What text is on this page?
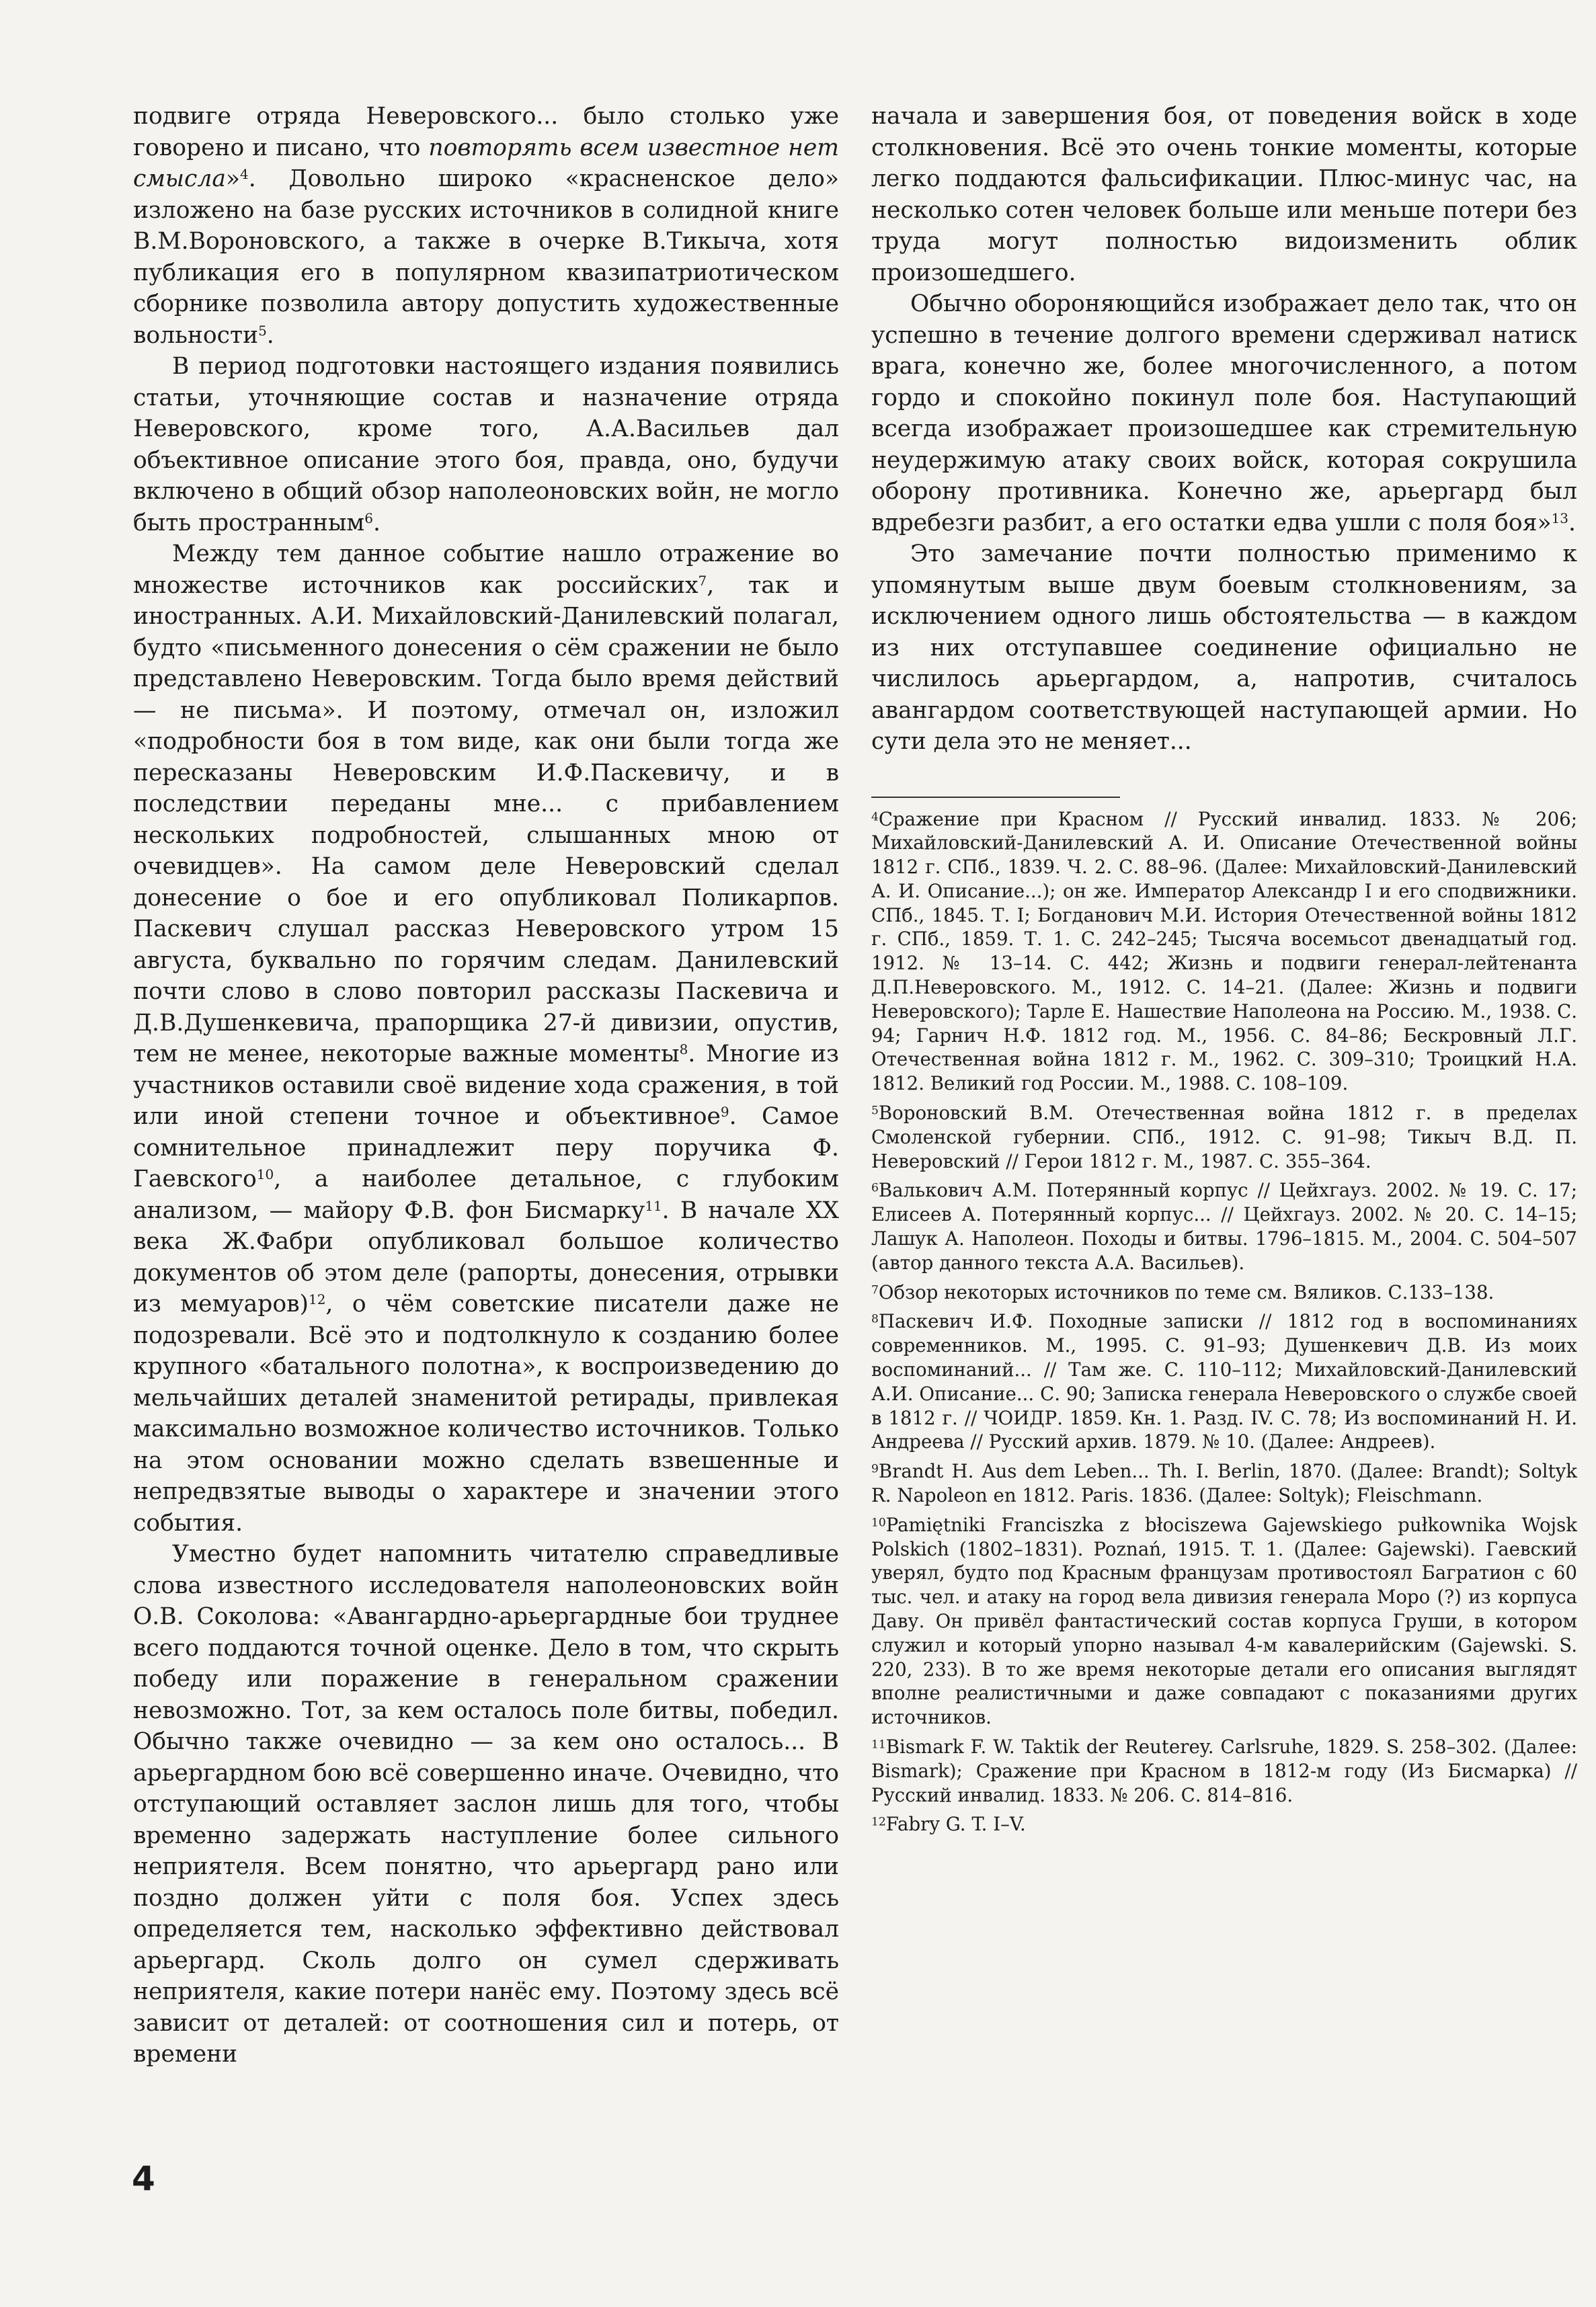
подвиге отряда Неверовского... было столько уже говорено и писано, что повторять всем известное нет смысла»$^4$. Довольно широко «красненское дело» изложено на базе русских источников в солидной книге В.М.Вороновского, а также в очерке В.Тикыча, хотя публикация его в популярном квазипатриотическом сборнике позволила автору допустить художественные вольности$^5$.

В период подготовки настоящего издания появились статьи, уточняющие состав и назначение отряда Неверовского, кроме того, А.А.Васильев дал объективное описание этого боя, правда, оно, будучи включено в общий обзор наполеоновских войн, не могло быть пространным$^6$.

Между тем данное событие нашло отражение во множестве источников как российских$^7$, так и иностранных. А.И. Михайловский-Данилевский полагал, будто «письменного донесения о сём сражении не было представлено Неверовским. Тогда было время действий — не письма». И поэтому, отмечал он, изложил «подробности боя в том виде, как они были тогда же пересказаны Неверовским И.Ф.Паскевичу, и в последствии переданы мне... с прибавлением нескольких подробностей, слышанных мною от очевидцев». На самом деле Неверовский сделал донесение о бое и его опубликовал Поликарпов. Паскевич слушал рассказ Неверовского утром 15 августа, буквально по горячим следам. Данилевский почти слово в слово повторил рассказы Паскевича и Д.В.Душенкевича, прапорщика 27-й дивизии, опустив, тем не менее, некоторые важные моменты$^8$. Многие из участников оставили своё видение хода сражения, в той или иной степени точное и объективное$^9$. Самое сомнительное принадлежит перу поручика Ф. Гаевского$^{10}$, а наиболее детальное, с глубоким анализом, — майору Ф.В. фон Бисмарку$^{11}$. В начале XX века Ж.Фабри опубликовал большое количество документов об этом деле (рапорты, донесения, отрывки из мемуаров)$^{12}$, о чём советские писатели даже не подозревали. Всё это и подтолкнуло к созданию более крупного «батального полотна», к воспроизведению до мельчайших деталей знаменитой ретирады, привлекая максимально возможное количество источников. Только на этом основании можно сделать взвешенные и непредвзятые выводы о характере и значении этого события.

Уместно будет напомнить читателю справедливые слова известного исследователя наполеоновских войн О.В. Соколова: «Авангардно-арьергардные бои труднее всего поддаются точной оценке. Дело в том, что скрыть победу или поражение в генеральном сражении невозможно. Тот, за кем осталось поле битвы, победил. Обычно также очевидно — за кем оно осталось... В арьергардном бою всё совершенно иначе. Очевидно, что отступающий оставляет заслон лишь для того, чтобы временно задержать наступление более сильного неприятеля. Всем понятно, что арьергард рано или поздно должен уйти с поля боя. Успех здесь определяется тем, насколько эффективно действовал арьергард. Сколь долго он сумел сдерживать неприятеля, какие потери нанёс ему. Поэтому здесь всё зависит от деталей: от соотношения сил и потерь, от времени

начала и завершения боя, от поведения войск в ходе столкновения. Всё это очень тонкие моменты, которые легко поддаются фальсификации. Плюс-минус час, на несколько сотен человек больше или меньше потери без труда могут полностью видоизменить облик произошедшего.

Обычно обороняющийся изображает дело так, что он успешно в течение долгого времени сдерживал натиск врага, конечно же, более многочисленного, а потом гордо и спокойно покинул поле боя. Наступающий всегда изображает произошедшее как стремительную неудержимую атаку своих войск, которая сокрушила оборону противника. Конечно же, арьергард был вдребезги разбит, а его остатки едва ушли с поля боя»$^{13}$.

Это замечание почти полностью применимо к упомянутым выше двум боевым столкновениям, за исключением одного лишь обстоятельства — в каждом из них отступавшее соединение официально не числилось арьергардом, а, напротив, считалось авангардом соответствующей наступающей армии. Но сути дела это не меняет...

$^4$Сражение при Красном // Русский инвалид. 1833. № 206; Михайловский-Данилевский А. И. Описание Отечественной войны 1812 г. СПб., 1839. Ч. 2. С. 88–96. (Далее: Михайловский-Данилевский А. И. Описание...); он же. Император Александр I и его сподвижники. СПб., 1845. Т. I; Богданович М.И. История Отечественной войны 1812 г. СПб., 1859. Т. 1. С. 242–245; Тысяча восемьсот двенадцатый год. 1912. № 13–14. С. 442; Жизнь и подвиги генерал-лейтенанта Д.П.Неверовского. М., 1912. С. 14–21. (Далее: Жизнь и подвиги Неверовского); Тарле Е. Нашествие Наполеона на Россию. М., 1938. С. 94; Гарнич Н.Ф. 1812 год. М., 1956. С. 84–86; Бескровный Л.Г. Отечественная война 1812 г. М., 1962. С. 309–310; Троицкий Н.А. 1812. Великий год России. М., 1988. С. 108–109.

$^5$Вороновский В.М. Отечественная война 1812 г. в пределах Смоленской губернии. СПб., 1912. С. 91–98; Тикыч В.Д. П. Неверовский // Герои 1812 г. М., 1987. С. 355–364.

$^6$Валькович А.М. Потерянный корпус // Цейхгауз. 2002. № 19. С. 17; Елисеев А. Потерянный корпус... // Цейхгауз. 2002. № 20. С. 14–15; Лашук А. Наполеон. Походы и битвы. 1796–1815. М., 2004. С. 504–507 (автор данного текста А.А. Васильев).

$^7$Обзор некоторых источников по теме см. Вяликов. С.133–138.

$^8$Паскевич И.Ф. Походные записки // 1812 год в воспоминаниях современников. М., 1995. С. 91–93; Душенкевич Д.В. Из моих воспоминаний... // Там же. С. 110–112; Михайловский-Данилевский А.И. Описание... С. 90; Записка генерала Неверовского о службе своей в 1812 г. // ЧОИДР. 1859. Кн. 1. Разд. IV. С. 78; Из воспоминаний Н. И. Андреева // Русский архив. 1879. № 10. (Далее: Андреев).

$^9$Brandt H. Aus dem Leben... Th. I. Berlin, 1870. (Далее: Brandt); Soltyk R. Napoleon en 1812. Paris. 1836. (Далее: Soltyk); Fleischmann.

$^{10}$Pamiętniki Franciszka z błociszewa Gajewskiego pułkownika Wojsk Polskich (1802–1831). Poznań, 1915. T. 1. (Далее: Gajewski). Гаевский уверял, будто под Красным французам противостоял Багратион с 60 тыс. чел. и атаку на город вела дивизия генерала Моро (?) из корпуса Даву. Он привёл фантастический состав корпуса Груши, в котором служил и который упорно называл 4-м кавалерийским (Gajewski. S. 220, 233). В то же время некоторые детали его описания выглядят вполне реалистичными и даже совпадают с показаниями других источников.

$^{11}$Bismark F. W. Taktik der Reuterey. Carlsruhe, 1829. S. 258–302. (Далее: Bismark); Сражение при Красном в 1812-м году (Из Бисмарка) // Русский инвалид. 1833. № 206. С. 814–816.

$^{12}$Fabry G. T. I–V.

4
